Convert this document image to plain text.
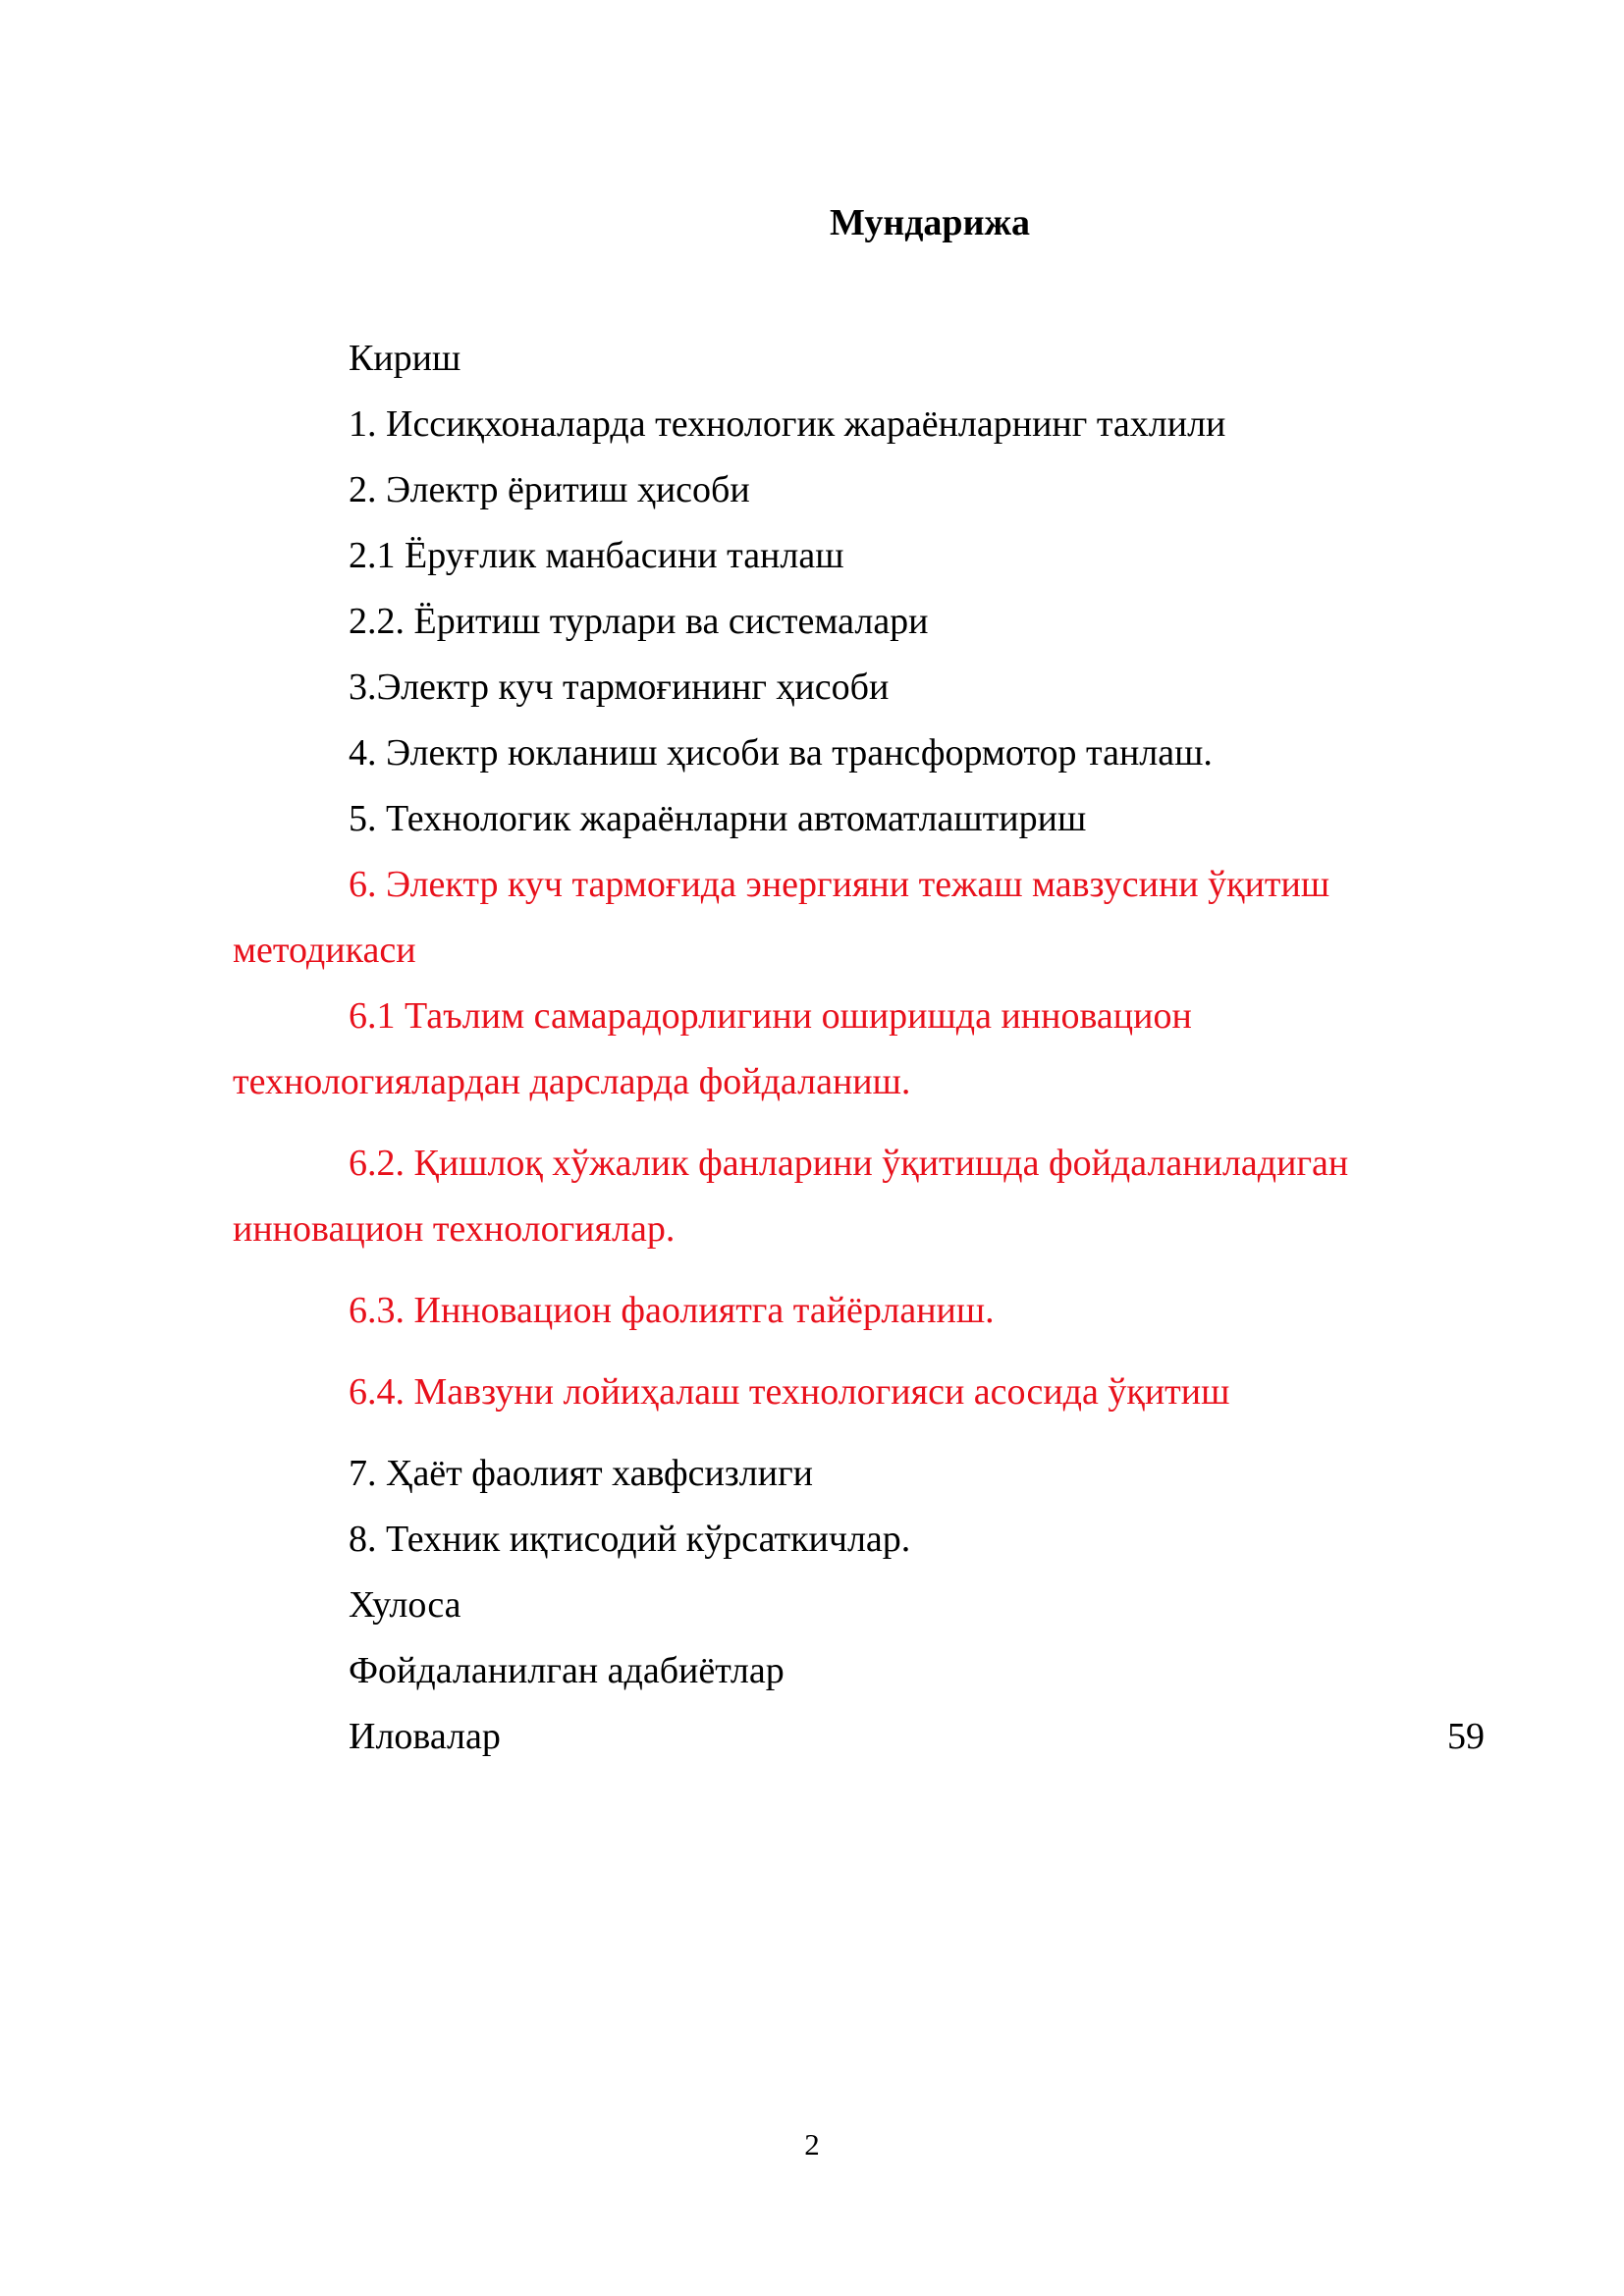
Мундарижа
Кириш
1. Иссиқхоналарда технологик жараёнларнинг тахлили
2. Электр ёритиш ҳисоби
2.1 Ёруғлик манбасини танлаш
2.2. Ёритиш турлари ва системалари
3.Электр куч тармоғининг ҳисоби
4. Электр юкланиш ҳисоби ва трансформотор танлаш.
5. Технологик жараёнларни автоматлаштириш
6. Электр куч тармоғида энергияни тежаш мавзусини ўқитиш методикаси
6.1 Таълим самарадорлигини оширишда инновацион технологиялардан дарсларда фойдаланиш.
6.2. Қишлоқ хўжалик фанларини ўқитишда фойдаланиладиган инновацион технологиялар.
6.3. Инновацион фаолиятга тайёрланиш.
6.4. Мавзуни лойиҳалаш технологияси асосида ўқитиш
7. Ҳаёт фаолият хавфсизлиги
8. Техник иқтисодий кўрсаткичлар.
Хулоса
Фойдаланилган адабиётлар
Иловалар	59
2
